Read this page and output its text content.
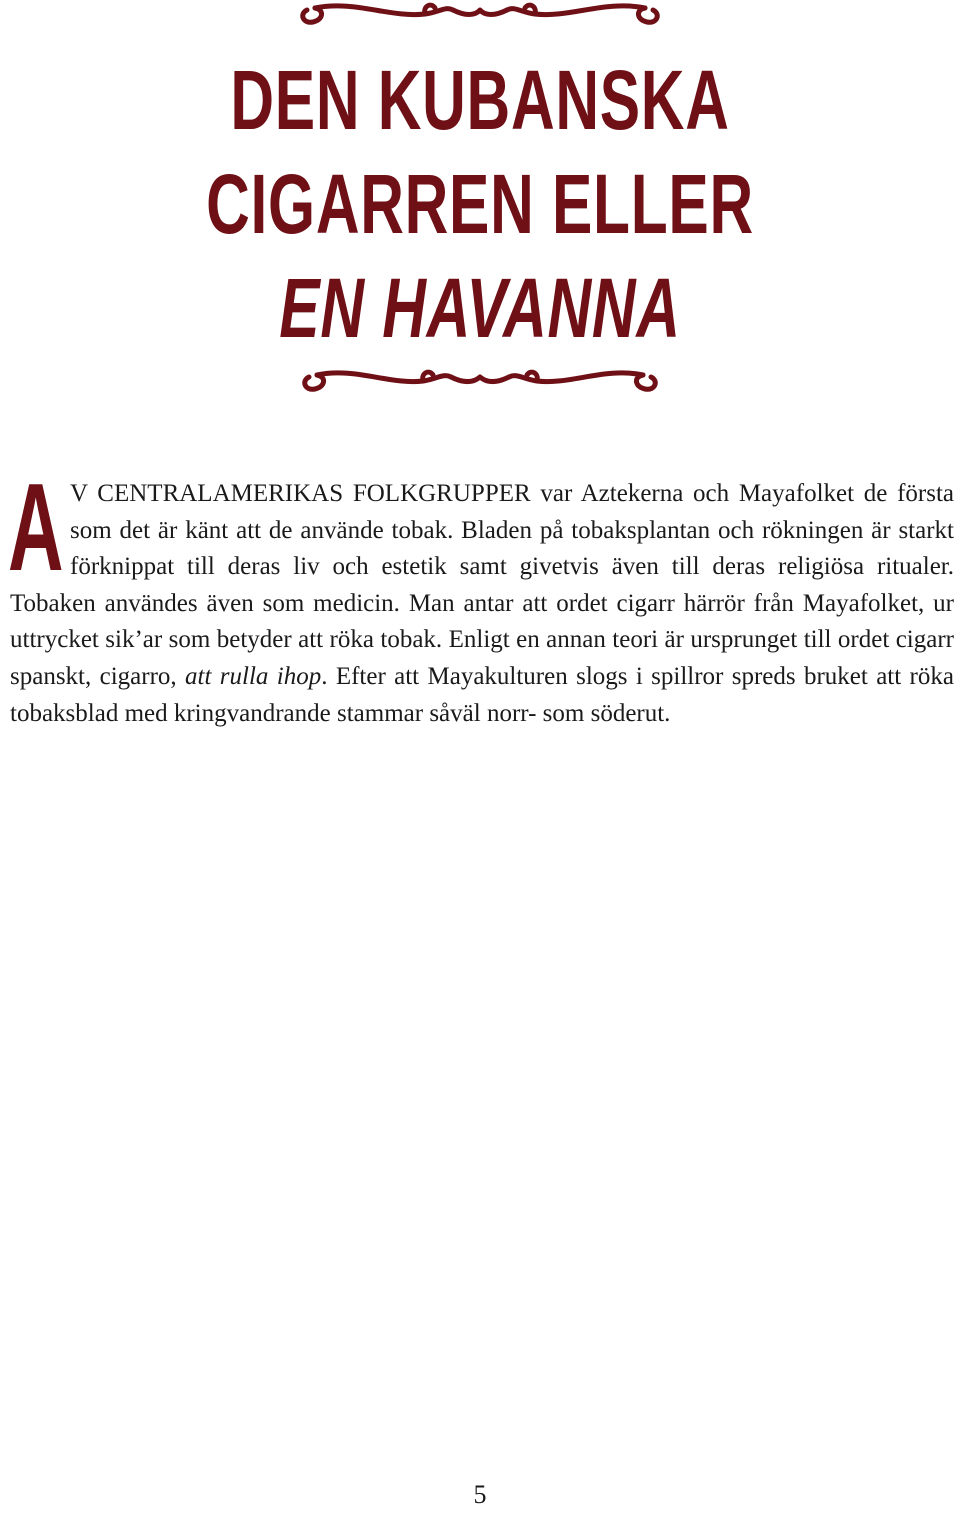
DEN KUBANSKA
CIGARREN ELLER
EN HAVANNA
A V CENTRALAMERIKAS FOLKGRUPPER var Aztekerna och Mayafolket de första som det är känt att de använde tobak. Bladen på tobaksplantan och rökningen är starkt förknippat till deras liv och estetik samt givetvis även till deras religiösa ritualer. Tobaken användes även som medicin. Man antar att ordet cigarr härrör från Mayafolket, ur uttrycket sik’ar som betyder att röka tobak. Enligt en annan teori är ursprunget till ordet cigarr spanskt, cigarro, att rulla ihop. Efter att Mayakulturen slogs i spillror spreds bruket att röka tobaksblad med kringvandrande stammar såväl norr- som söderut.

5
